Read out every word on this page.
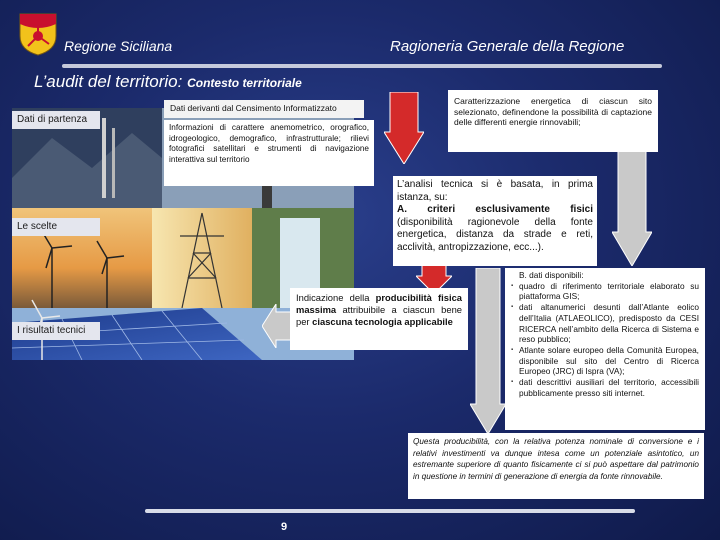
Regione Siciliana	Ragioneria Generale della Regione
L’audit del territorio: Contesto territoriale
Dati di partenza
Le scelte
I risultati tecnici
Dati derivanti dal Censimento Informatizzato
Informazioni di carattere anemometrico, orografico, idrogeologico, demografico, infrastrutturale; rilievi fotografici satellitari e strumenti di navigazione interattiva sul territorio
Caratterizzazione energetica di ciascun sito selezionato, definendone la possibilità di captazione delle differenti energie rinnovabili;
L’analisi tecnica si è basata, in prima istanza, su:
A. criteri esclusivamente fisici (disponibilità ragionevole della fonte energetica, distanza da strade e reti, acclività, antropizzazione, ecc...).
Indicazione della producibilità fisica massima attribuibile a ciascun bene per ciascuna tecnologia applicabile
B. dati disponibili:
▪ quadro di riferimento territoriale elaborato su piattaforma GIS;
▪ dati altanumerici desunti dall’Atlante eolico dell’Italia (ATLAEOLICO), predisposto da CESI RICERCA nell’ambito della Ricerca di Sistema e reso pubblico;
▪ Atlante solare europeo della Comunità Europea, disponibile sul sito del Centro di Ricerca Europeo (JRC) di Ispra (VA);
▪ dati descrittivi ausiliari del territorio, accessibili pubblicamente presso siti internet.
Questa producibilità, con la relativa potenza nominale di conversione e i relativi investimenti va dunque intesa come un potenziale asintotico, un estremante superiore di quanto fisicamente ci si può aspettare dal patrimonio in questione in termini di generazione di energia da fonte rinnovabile.
9
